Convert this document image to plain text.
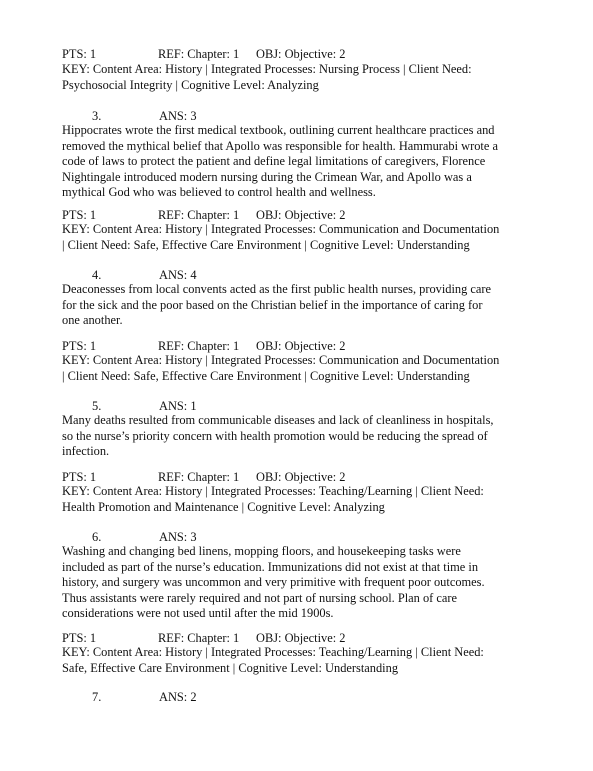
PTS: 1	REF: Chapter: 1 OBJ: Objective: 2
KEY: Content Area: History | Integrated Processes: Nursing Process | Client Need: Psychosocial Integrity | Cognitive Level: Analyzing
3.	ANS: 3
Hippocrates wrote the first medical textbook, outlining current healthcare practices and removed the mythical belief that Apollo was responsible for health. Hammurabi wrote a code of laws to protect the patient and define legal limitations of caregivers, Florence Nightingale introduced modern nursing during the Crimean War, and Apollo was a mythical God who was believed to control health and wellness.
PTS: 1	REF: Chapter: 1 OBJ: Objective: 2
KEY: Content Area: History | Integrated Processes: Communication and Documentation | Client Need: Safe, Effective Care Environment | Cognitive Level: Understanding
4.	ANS: 4
Deaconesses from local convents acted as the first public health nurses, providing care for the sick and the poor based on the Christian belief in the importance of caring for one another.
PTS: 1	REF: Chapter: 1 OBJ: Objective: 2
KEY: Content Area: History | Integrated Processes: Communication and Documentation | Client Need: Safe, Effective Care Environment | Cognitive Level: Understanding
5.	ANS: 1
Many deaths resulted from communicable diseases and lack of cleanliness in hospitals, so the nurse’s priority concern with health promotion would be reducing the spread of infection.
PTS: 1	REF: Chapter: 1 OBJ: Objective: 2
KEY: Content Area: History | Integrated Processes: Teaching/Learning | Client Need: Health Promotion and Maintenance | Cognitive Level: Analyzing
6.	ANS: 3
Washing and changing bed linens, mopping floors, and housekeeping tasks were included as part of the nurse’s education. Immunizations did not exist at that time in history, and surgery was uncommon and very primitive with frequent poor outcomes. Thus assistants were rarely required and not part of nursing school. Plan of care considerations were not used until after the mid 1900s.
PTS: 1	REF: Chapter: 1 OBJ: Objective: 2
KEY: Content Area: History | Integrated Processes: Teaching/Learning | Client Need: Safe, Effective Care Environment | Cognitive Level: Understanding
7.	ANS: 2
